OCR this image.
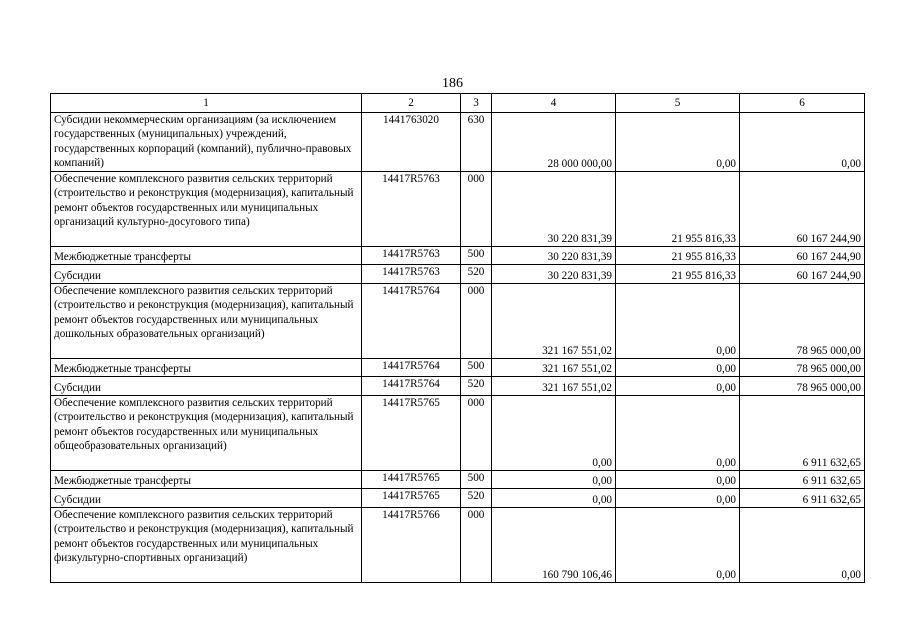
186
1	2	3	4	5	6
Субсидии некоммерческим организациям (за исключением государственных (муниципальных) учреждений, государственных корпораций (компаний), публично-правовых компаний)	1441763020	630	28 000 000,00	0,00	0,00
Обеспечение комплексного развития сельских территорий (строительство и реконструкция (модернизация), капитальный ремонт объектов государственных или муниципальных организаций культурно-досугового типа)	14417R5763	000	30 220 831,39	21 955 816,33	60 167 244,90
Межбюджетные трансферты	14417R5763	500	30 220 831,39	21 955 816,33	60 167 244,90
Субсидии	14417R5763	520	30 220 831,39	21 955 816,33	60 167 244,90
Обеспечение комплексного развития сельских территорий (строительство и реконструкция (модернизация), капитальный ремонт объектов государственных или муниципальных дошкольных образовательных организаций)	14417R5764	000	321 167 551,02	0,00	78 965 000,00
Межбюджетные трансферты	14417R5764	500	321 167 551,02	0,00	78 965 000,00
Субсидии	14417R5764	520	321 167 551,02	0,00	78 965 000,00
Обеспечение комплексного развития сельских территорий (строительство и реконструкция (модернизация), капитальный ремонт объектов государственных или муниципальных общеобразовательных организаций)	14417R5765	000	0,00	0,00	6 911 632,65
Межбюджетные трансферты	14417R5765	500	0,00	0,00	6 911 632,65
Субсидии	14417R5765	520	0,00	0,00	6 911 632,65
Обеспечение комплексного развития сельских территорий (строительство и реконструкция (модернизация), капитальный ремонт объектов государственных или муниципальных физкультурно-спортивных организаций)	14417R5766	000	160 790 106,46	0,00	0,00
